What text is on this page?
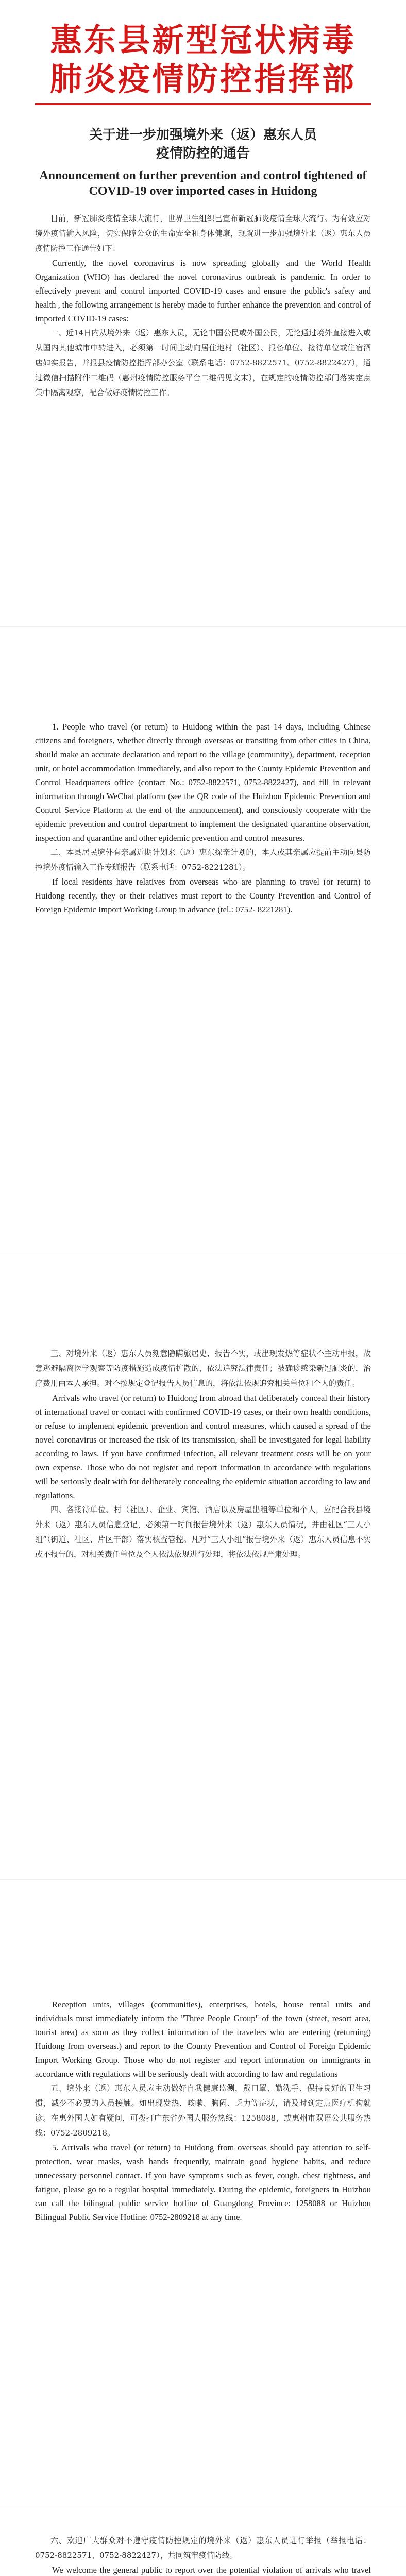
惠东县新型冠状病毒
肺炎疫情防控指挥部
关于进一步加强境外来（返）惠东人员
疫情防控的通告
Announcement on further prevention and control tightened of COVID-19 over imported cases in Huidong

目前，新冠肺炎疫情全球大流行，世界卫生组织已宣布新冠肺炎疫情全球大流行。为有效应对境外疫情输入风险，切实保障公众的生命安全和身体健康，现就进一步加强境外来（返）惠东人员疫情防控工作通告如下：

Currently, the novel coronavirus is now spreading globally and the World Health Organization (WHO) has declared the novel coronavirus outbreak is pandemic. In order to effectively prevent and control imported COVID-19 cases and ensure the public's safety and health , the following arrangement is hereby made to further enhance the prevention and control of imported COVID-19 cases:

一、近14日内从境外来（返）惠东人员，无论中国公民或外国公民，无论通过境外直接进入或从国内其他城市中转进入，必须第一时间主动向居住地村（社区）、报备单位、接待单位或住宿酒店如实报告，并报县疫情防控指挥部办公室（联系电话：0752-8822571、0752-8822427），通过微信扫描附件二维码（惠州疫情防控服务平台二维码见文末），在规定的疫情防控部门落实定点集中隔离观察，配合做好疫情防控工作。

1. People who travel (or return) to Huidong within the past 14 days, including Chinese citizens and foreigners, whether directly through overseas or transiting from other cities in China, should make an accurate declaration and report to the village (community), department, reception unit, or hotel accommodation immediately, and also report to the County Epidemic Prevention and Control Headquarters office (contact No.: 0752-8822571, 0752-8822427), and fill in relevant information through WeChat platform (see the QR code of the Huizhou Epidemic Prevention and Control Service Platform at the end of the announcement), and consciously cooperate with the epidemic prevention and control department to implement the designated quarantine observation, inspection and quarantine and other epidemic prevention and control measures.

二、本县居民境外有亲属近期计划来（返）惠东探亲计划的，本人或其亲属应提前主动向县防控境外疫情输入工作专班报告（联系电话：0752-8221281）。

If local residents have relatives from overseas who are planning to travel (or return) to Huidong recently, they or their relatives must report to the County Prevention and Control of Foreign Epidemic Import Working Group in advance (tel.: 0752- 8221281).

三、对境外来（返）惠东人员刻意隐瞒旅居史、报告不实，或出现发热等症状不主动申报，故意逃避隔离医学观察等防疫措施造成疫情扩散的，依法追究法律责任；被确诊感染新冠肺炎的，治疗费用由本人承担。对不按规定登记报告人员信息的，将依法依规追究相关单位和个人的责任。

Arrivals who travel (or return) to Huidong from abroad that deliberately conceal their history of international travel or contact with confirmed COVID-19 cases, or their own health conditions, or refuse to implement epidemic prevention and control measures, which caused a spread of the novel coronavirus or increased the risk of its transmission, shall be investigated for legal liability according to laws. If you have confirmed infection, all relevant treatment costs will be on your own expense. Those who do not register and report information in accordance with regulations will be seriously dealt with for deliberately concealing the epidemic situation according to law and regulations.

四、各接待单位、村（社区）、企业、宾馆、酒店以及房屋出租等单位和个人，应配合我县境外来（返）惠东人员信息登记，必须第一时间报告境外来（返）惠东人员情况，并由社区“三人小组”（街道、社区、片区干部）落实核查管控。凡对“三人小组”报告境外来（返）惠东人员信息不实或不报告的，对相关责任单位及个人依法依规进行处理，将依法依规严肃处理。

Reception units, villages (communities), enterprises, hotels, house rental units and individuals must immediately inform the "Three People Group" of the town (street, resort area, tourist area) as soon as they collect information of the travelers who are entering (returning) Huidong from overseas.) and report to the County Prevention and Control of Foreign Epidemic Import Working Group. Those who do not register and report information on immigrants in accordance with regulations will be seriously dealt with according to law and regulations

五、境外来（返）惠东人员应主动做好自我健康监测，戴口罩、勤洗手、保持良好的卫生习惯，减少不必要的人员接触。如出现发热、咳嗽、胸闷、乏力等症状，请及时到定点医疗机构就诊。在惠外国人如有疑问，可拨打广东省外国人服务热线：1258088，或惠州市双语公共服务热线：0752-2809218。

5. Arrivals who travel (or return) to Huidong from overseas should pay attention to self-protection, wear masks, wash hands frequently, maintain good hygiene habits, and reduce unnecessary personnel contact. If you have symptoms such as fever, cough, chest tightness, and fatigue, please go to a regular hospital immediately. During the epidemic, foreigners in Huizhou can call the bilingual public service hotline of Guangdong Province: 1258088 or Huizhou Bilingual Public Service Hotline: 0752-2809218 at any time.

六、欢迎广大群众对不遵守疫情防控规定的境外来（返）惠东人员进行举报（举报电话：0752-8822571、0752-8822427），共同筑牢疫情防线。

We welcome the general public to report over the potential violation of arrivals who travel
